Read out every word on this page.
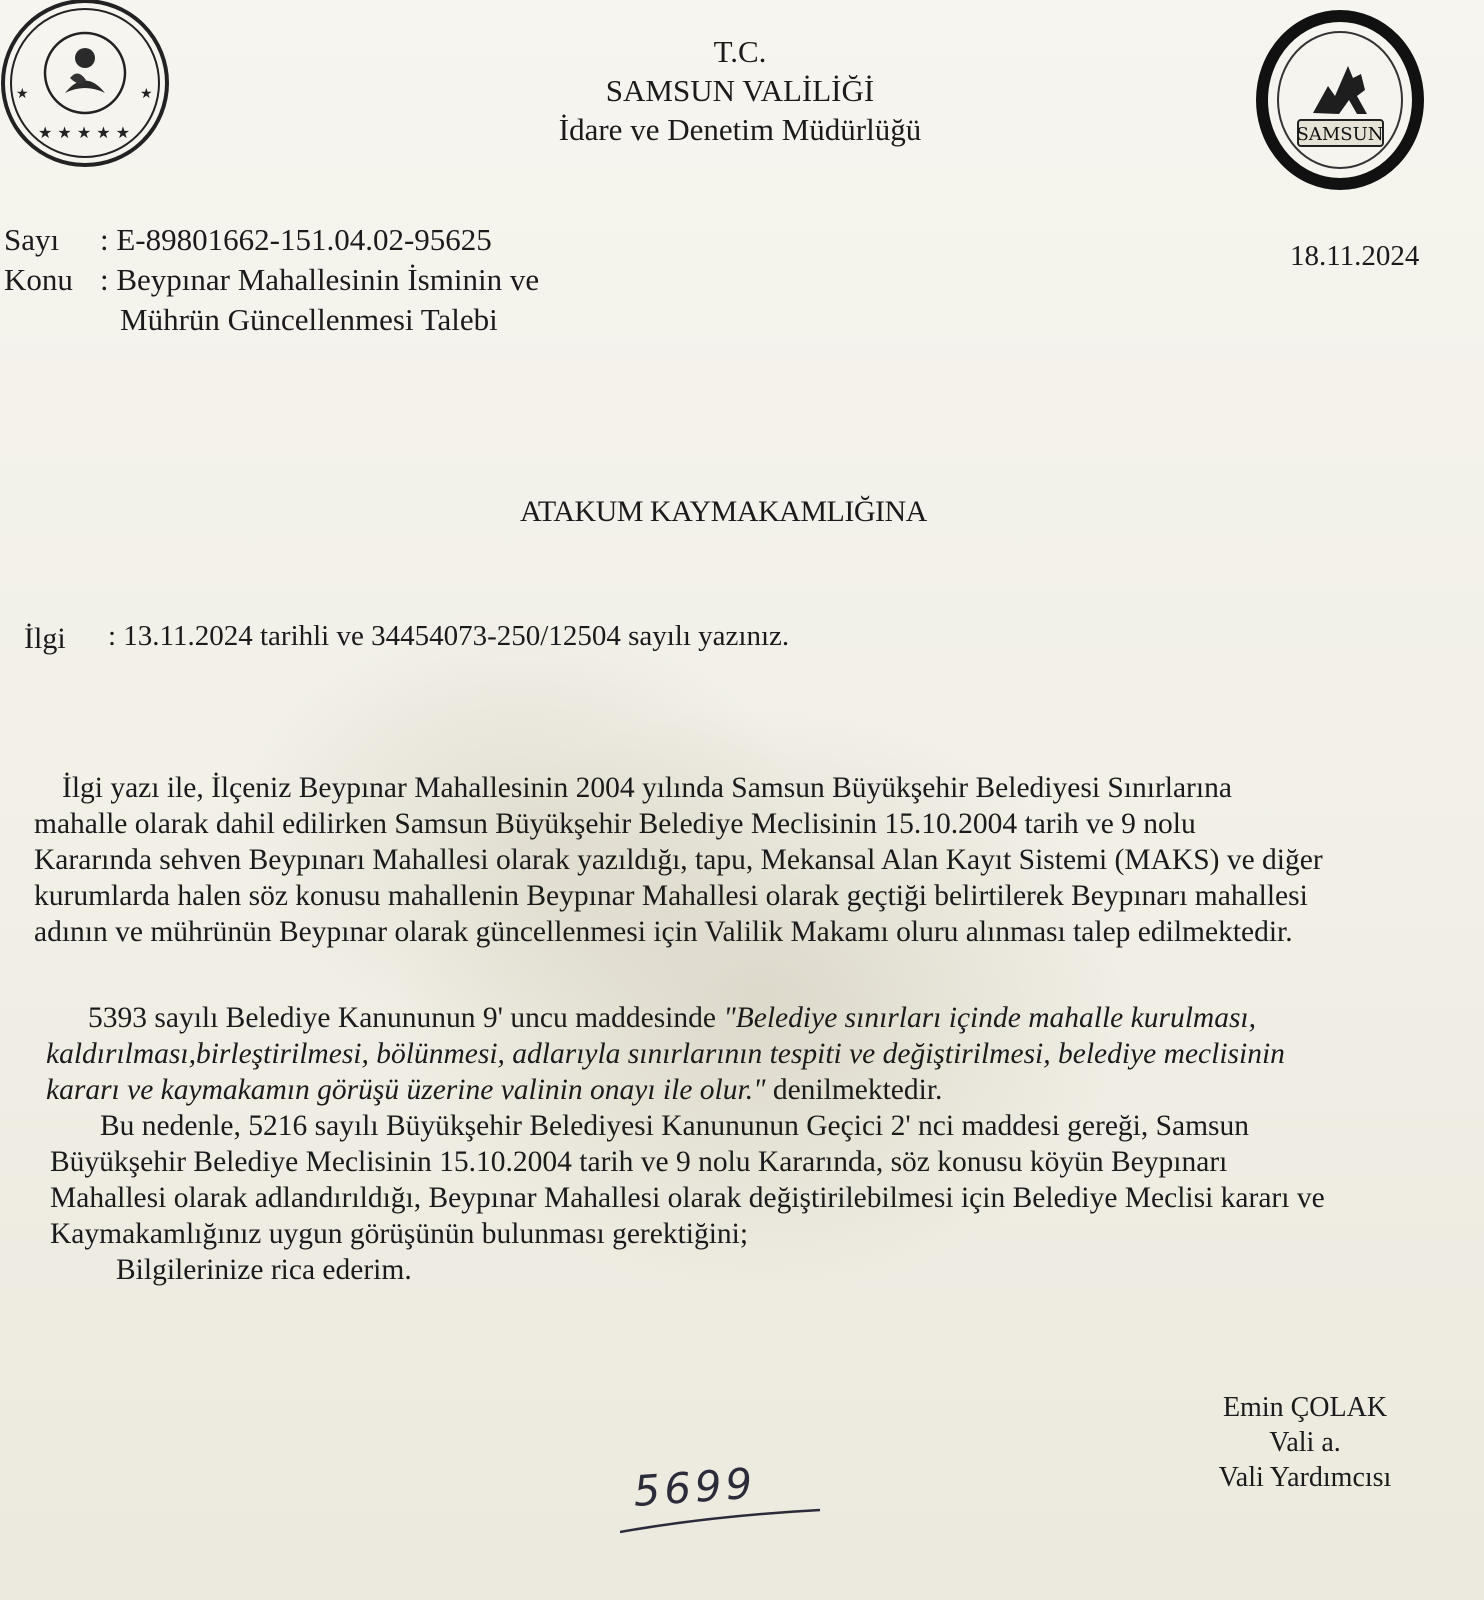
★ ★ ★ ★ ★
★
★
T.C.
SAMSUN VALİLİĞİ
İdare ve Denetim Müdürlüğü	SAMSUN
Sayı : E-89801662-151.04.02-95625
Konu : Beypınar Mahallesinin İsminin ve
Mührün Güncellenmesi Talebi
18.11.2024
ATAKUM KAYMAKAMLIĞINA
İlgi : 13.11.2024 tarihli ve 34454073-250/12504 sayılı yazınız.
İlgi yazı ile, İlçeniz Beypınar Mahallesinin 2004 yılında Samsun Büyükşehir Belediyesi Sınırlarına
mahalle olarak dahil edilirken Samsun Büyükşehir Belediye Meclisinin 15.10.2004 tarih ve 9 nolu
Kararında sehven Beypınarı Mahallesi olarak yazıldığı, tapu, Mekansal Alan Kayıt Sistemi (MAKS) ve diğer
kurumlarda halen söz konusu mahallenin Beypınar Mahallesi olarak geçtiği belirtilerek Beypınarı mahallesi
adının ve mührünün Beypınar olarak güncellenmesi için Valilik Makamı oluru alınması talep edilmektedir.
5393 sayılı Belediye Kanununun 9' uncu maddesinde "Belediye sınırları içinde mahalle kurulması,
kaldırılması,birleştirilmesi, bölünmesi, adlarıyla sınırlarının tespiti ve değiştirilmesi, belediye meclisinin
kararı ve kaymakamın görüşü üzerine valinin onayı ile olur." denilmektedir.
Bu nedenle, 5216 sayılı Büyükşehir Belediyesi Kanununun Geçici 2' nci maddesi gereği, Samsun
Büyükşehir Belediye Meclisinin 15.10.2004 tarih ve 9 nolu Kararında, söz konusu köyün Beypınarı
Mahallesi olarak adlandırıldığı, Beypınar Mahallesi olarak değiştirilebilmesi için Belediye Meclisi kararı ve
Kaymakamlığınız uygun görüşünün bulunması gerektiğini;
Bilgilerinize rica ederim.
Emin ÇOLAK
Vali a.
Vali Yardımcısı
5699
